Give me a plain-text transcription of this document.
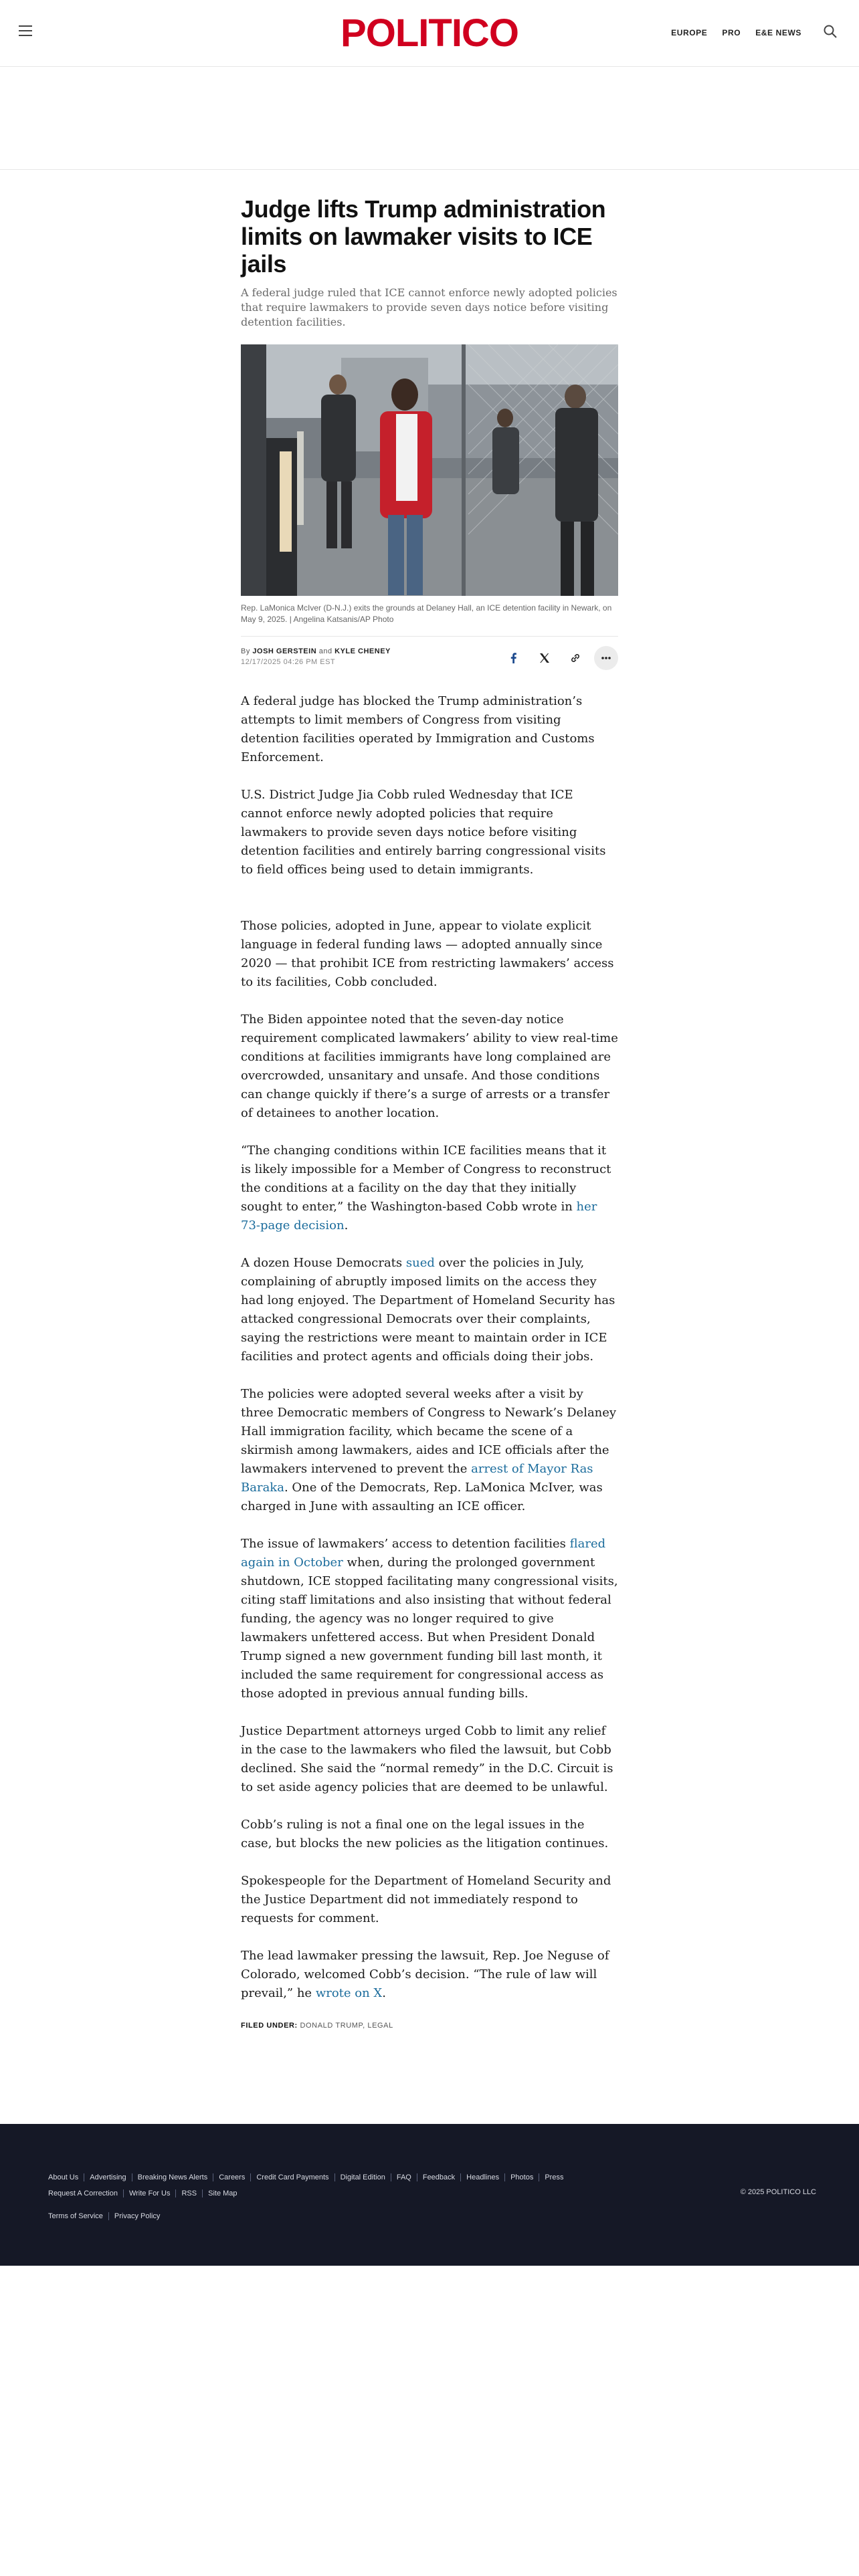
POLITICO	EUROPE PRO E&E NEWS
Judge lifts Trump administration limits on lawmaker visits to ICE jails

A federal judge ruled that ICE cannot enforce newly adopted policies that require lawmakers to provide seven days notice before visiting detention facilities.

Rep. LaMonica McIver (D-N.J.) exits the grounds at Delaney Hall, an ICE detention facility in Newark, on May 9, 2025. | Angelina Katsanis/AP Photo

By JOSH GERSTEIN and KYLE CHENEY
12/17/2025 04:26 PM EST

A federal judge has blocked the Trump administration’s attempts to limit members of Congress from visiting detention facilities operated by Immigration and Customs Enforcement.

U.S. District Judge Jia Cobb ruled Wednesday that ICE cannot enforce newly adopted policies that require lawmakers to provide seven days notice before visiting detention facilities and entirely barring congressional visits to field offices being used to detain immigrants.

Those policies, adopted in June, appear to violate explicit language in federal funding laws — adopted annually since 2020 — that prohibit ICE from restricting lawmakers’ access to its facilities, Cobb concluded.

The Biden appointee noted that the seven-day notice requirement complicated lawmakers’ ability to view real-time conditions at facilities immigrants have long complained are overcrowded, unsanitary and unsafe. And those conditions can change quickly if there’s a surge of arrests or a transfer of detainees to another location.

“The changing conditions within ICE facilities means that it is likely impossible for a Member of Congress to reconstruct the conditions at a facility on the day that they initially sought to enter,” the Washington-based Cobb wrote in her 73-page decision.

A dozen House Democrats sued over the policies in July, complaining of abruptly imposed limits on the access they had long enjoyed. The Department of Homeland Security has attacked congressional Democrats over their complaints, saying the restrictions were meant to maintain order in ICE facilities and protect agents and officials doing their jobs.

The policies were adopted several weeks after a visit by three Democratic members of Congress to Newark’s Delaney Hall immigration facility, which became the scene of a skirmish among lawmakers, aides and ICE officials after the lawmakers intervened to prevent the arrest of Mayor Ras Baraka. One of the Democrats, Rep. LaMonica McIver, was charged in June with assaulting an ICE officer.

The issue of lawmakers’ access to detention facilities flared again in October when, during the prolonged government shutdown, ICE stopped facilitating many congressional visits, citing staff limitations and also insisting that without federal funding, the agency was no longer required to give lawmakers unfettered access. But when President Donald Trump signed a new government funding bill last month, it included the same requirement for congressional access as those adopted in previous annual funding bills.

Justice Department attorneys urged Cobb to limit any relief in the case to the lawmakers who filed the lawsuit, but Cobb declined. She said the “normal remedy” in the D.C. Circuit is to set aside agency policies that are deemed to be unlawful.

Cobb’s ruling is not a final one on the legal issues in the case, but blocks the new policies as the litigation continues.

Spokespeople for the Department of Homeland Security and the Justice Department did not immediately respond to requests for comment.

The lead lawmaker pressing the lawsuit, Rep. Joe Neguse of Colorado, welcomed Cobb’s decision. “The rule of law will prevail,” he wrote on X.

FILED UNDER: DONALD TRUMP, LEGAL
About Us	Advertising	Breaking News Alerts	Careers	Credit Card Payments	Digital Edition	FAQ	Feedback	Headlines	Photos	Press
Request A Correction	Write For Us	RSS	Site Map
Terms of Service	Privacy Policy
© 2025 POLITICO LLC
